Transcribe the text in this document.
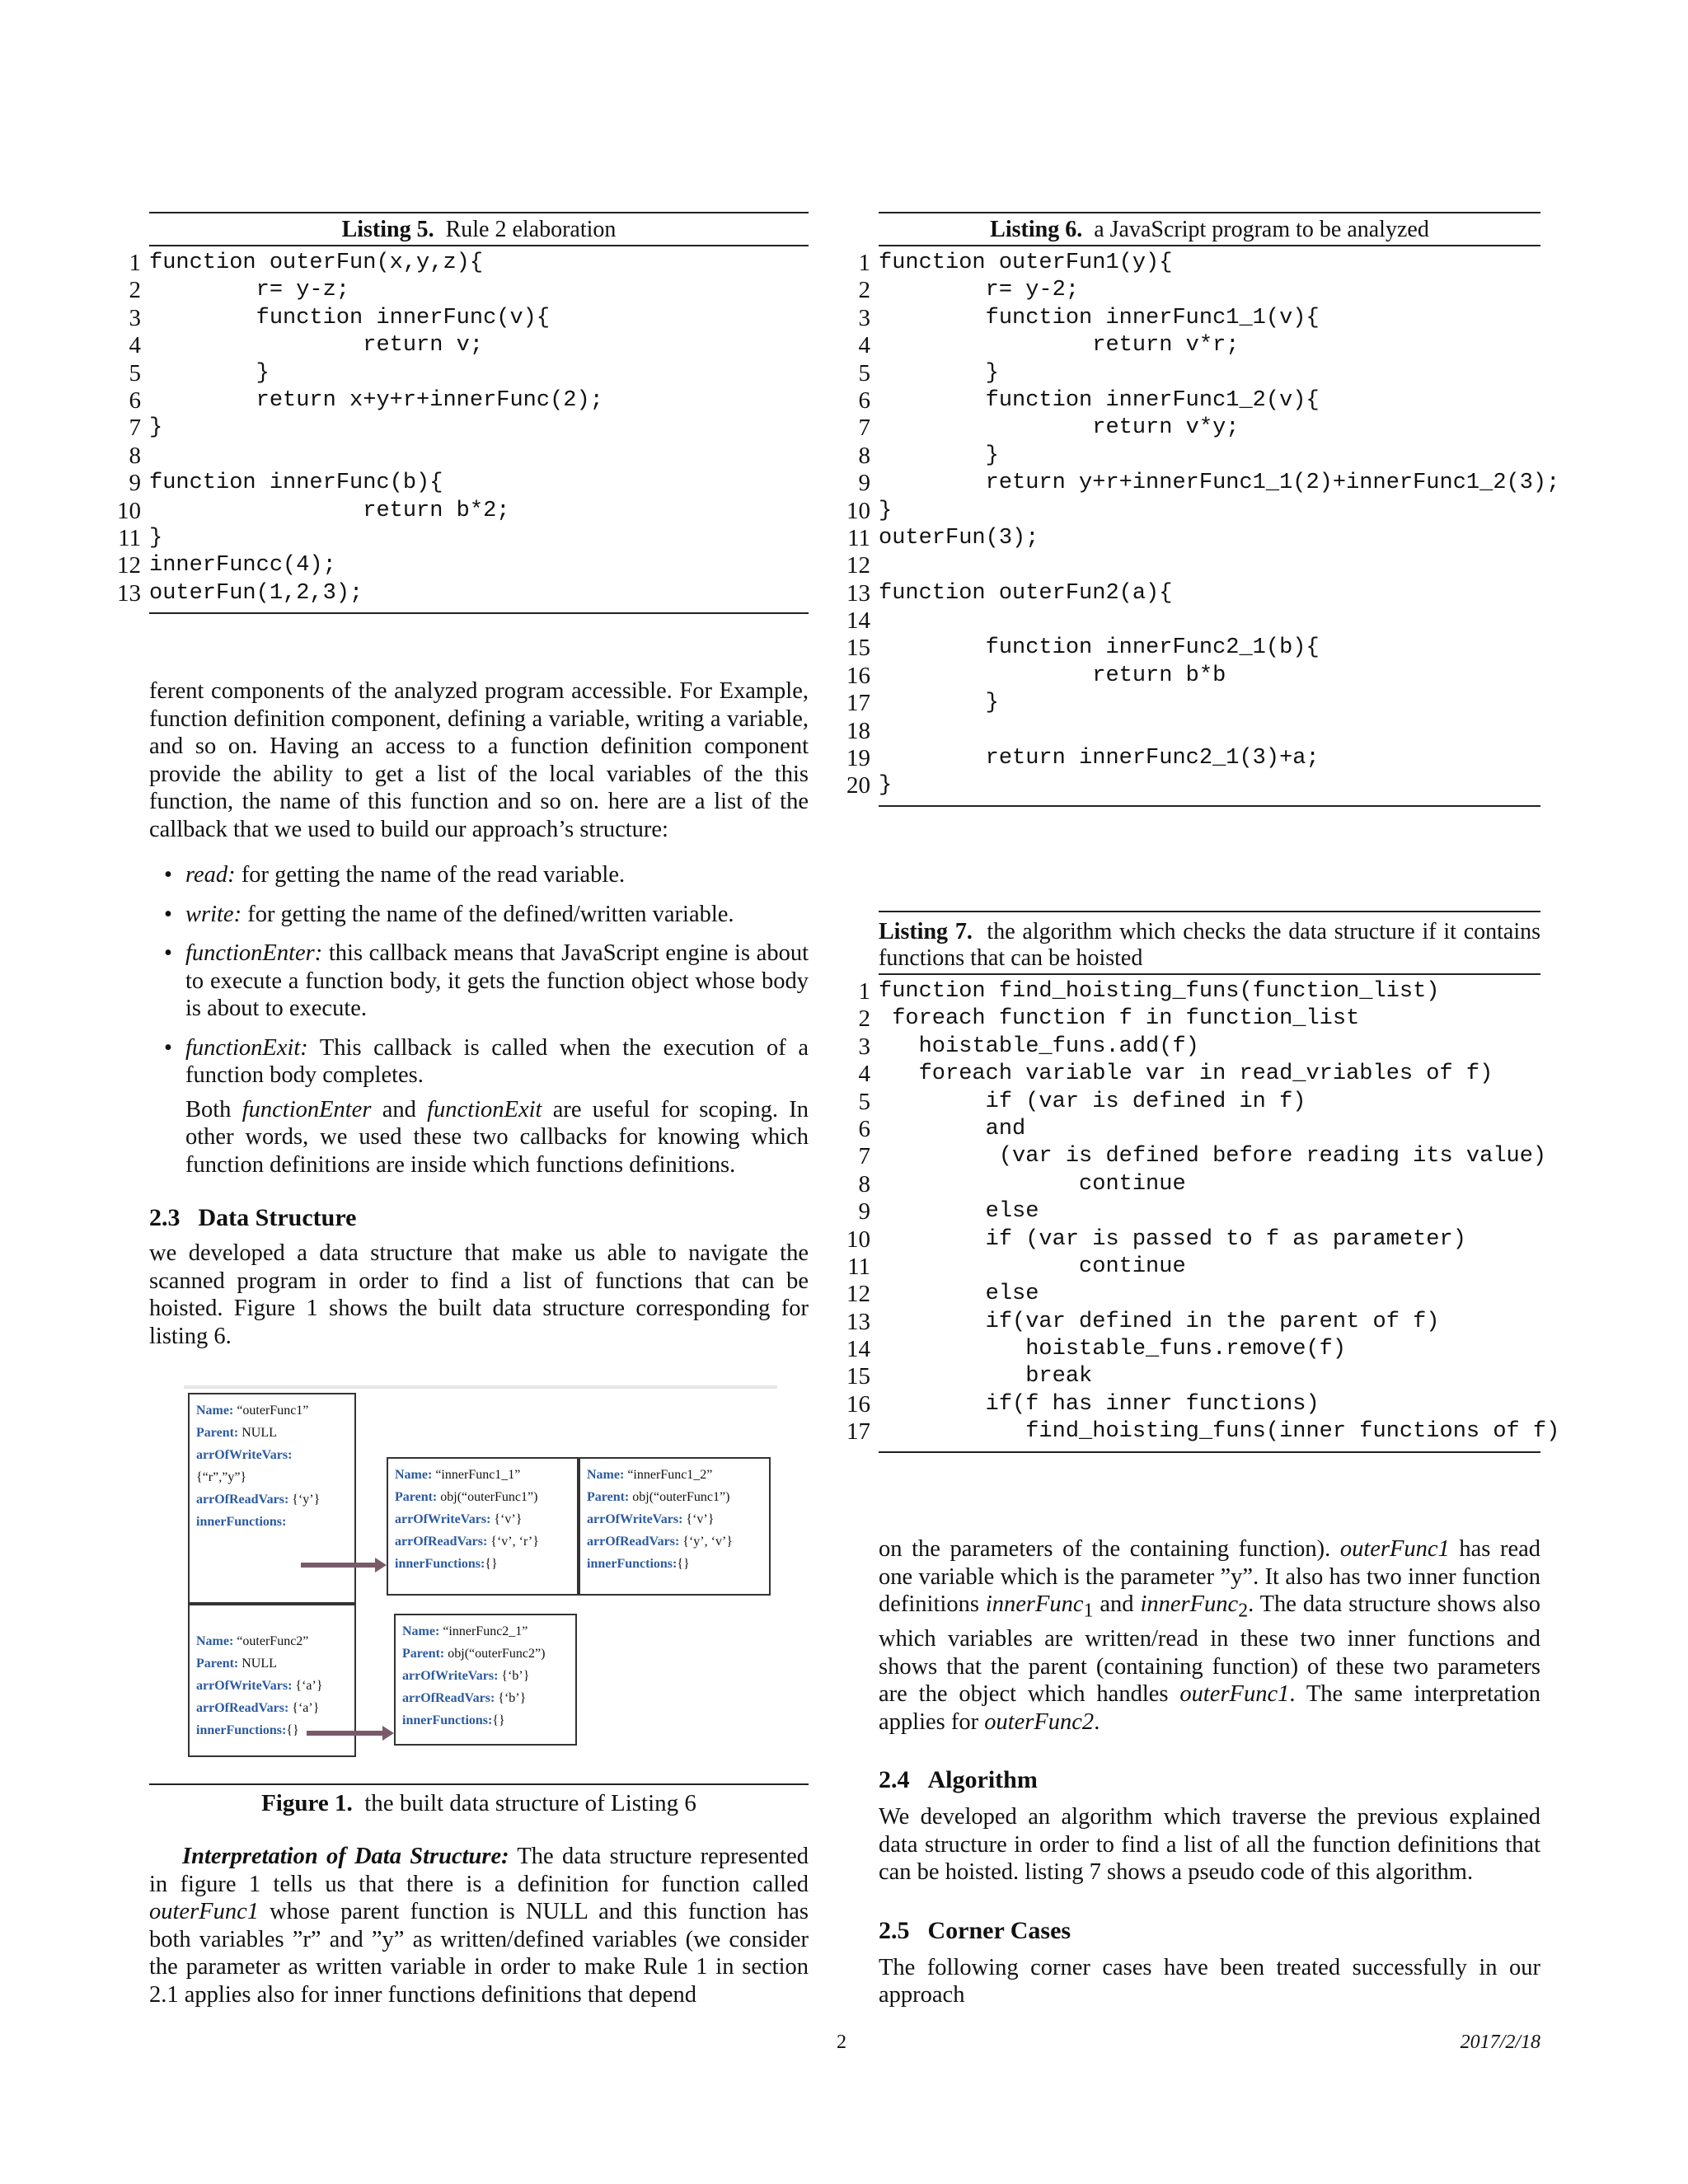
Listing 5. Rule 2 elaboration
1 function outerFun(x,y,z){
2 r= y-z;
3 function innerFunc(v){
4 return v;
5 }
6 return x+y+r+innerFunc(2);
7 }
8
9 function innerFunc(b){
10 return b*2;
11 }
12 innerFuncc(4);
13 outerFun(1,2,3);

ferent components of the analyzed program accessible. For Example, function definition component, defining a variable, writing a variable, and so on. Having an access to a function definition component provide the ability to get a list of the local variables of the this function, the name of this function and so on. here are a list of the callback that we used to build our approach’s structure:

• read: for getting the name of the read variable.
• write: for getting the name of the defined/written variable.
• functionEnter: this callback means that JavaScript engine is about to execute a function body, it gets the function object whose body is about to execute.
• functionExit: This callback is called when the execution of a function body completes.

Both functionEnter and functionExit are useful for scoping. In other words, we used these two callbacks for knowing which function definitions are inside which functions definitions.

2.3 Data Structure

we developed a data structure that make us able to navigate the scanned program in order to find a list of functions that can be hoisted. Figure 1 shows the built data structure corresponding for listing 6.

Name: “outerFunc1”
Parent: NULL
arrOfWriteVars:
{“r”,”y”}
arrOfReadVars: {‘y’}
innerFunctions:
Name: “innerFunc1_1”
Parent: obj(“outerFunc1”)
arrOfWriteVars: {‘v’}
arrOfReadVars: {‘v’, ‘r’}
innerFunctions:{}
Name: “innerFunc1_2”
Parent: obj(“outerFunc1”)
arrOfWriteVars: {‘v’}
arrOfReadVars: {‘y’, ‘v’}
innerFunctions:{}
Name: “outerFunc2”
Parent: NULL
arrOfWriteVars: {‘a’}
arrOfReadVars: {‘a’}
innerFunctions:{}
Name: “innerFunc2_1”
Parent: obj(“outerFunc2”)
arrOfWriteVars: {‘b’}
arrOfReadVars: {‘b’}
innerFunctions:{}
Figure 1. the built data structure of Listing 6

Interpretation of Data Structure: The data structure represented in figure 1 tells us that there is a definition for function called outerFunc1 whose parent function is NULL and this function has both variables ”r” and ”y” as written/defined variables (we consider the parameter as written variable in order to make Rule 1 in section 2.1 applies also for inner functions definitions that depend

Listing 6. a JavaScript program to be analyzed
1 function outerFun1(y){
2 r= y-2;
3 function innerFunc1_1(v){
4 return v*r;
5 }
6 function innerFunc1_2(v){
7 return v*y;
8 }
9 return y+r+innerFunc1_1(2)+innerFunc1_2(3);
10 }
11 outerFun(3);
12
13 function outerFun2(a){
14
15 function innerFunc2_1(b){
16 return b*b
17 }
18
19 return innerFunc2_1(3)+a;
20 }
Listing 7. the algorithm which checks the data structure if it contains functions that can be hoisted
1 function find_hoisting_funs(function_list)
2 foreach function f in function_list
3 hoistable_funs.add(f)
4 foreach variable var in read_vriables of f)
5 if (var is defined in f)
6 and
7 (var is defined before reading its value)
8 continue
9 else
10 if (var is passed to f as parameter)
11 continue
12 else
13 if(var defined in the parent of f)
14 hoistable_funs.remove(f)
15 break
16 if(f has inner functions)
17 find_hoisting_funs(inner functions of f)

on the parameters of the containing function). outerFunc1 has read one variable which is the parameter ”y”. It also has two inner function definitions innerFunc$_1$ and innerFunc$_2$. The data structure shows also which variables are written/read in these two inner functions and shows that the parent (containing function) of these two parameters are the object which handles outerFunc1. The same interpretation applies for outerFunc2.

2.4 Algorithm

We developed an algorithm which traverse the previous explained data structure in order to find a list of all the function definitions that can be hoisted. listing 7 shows a pseudo code of this algorithm.

2.5 Corner Cases

The following corner cases have been treated successfully in our approach

2	2017/2/18
